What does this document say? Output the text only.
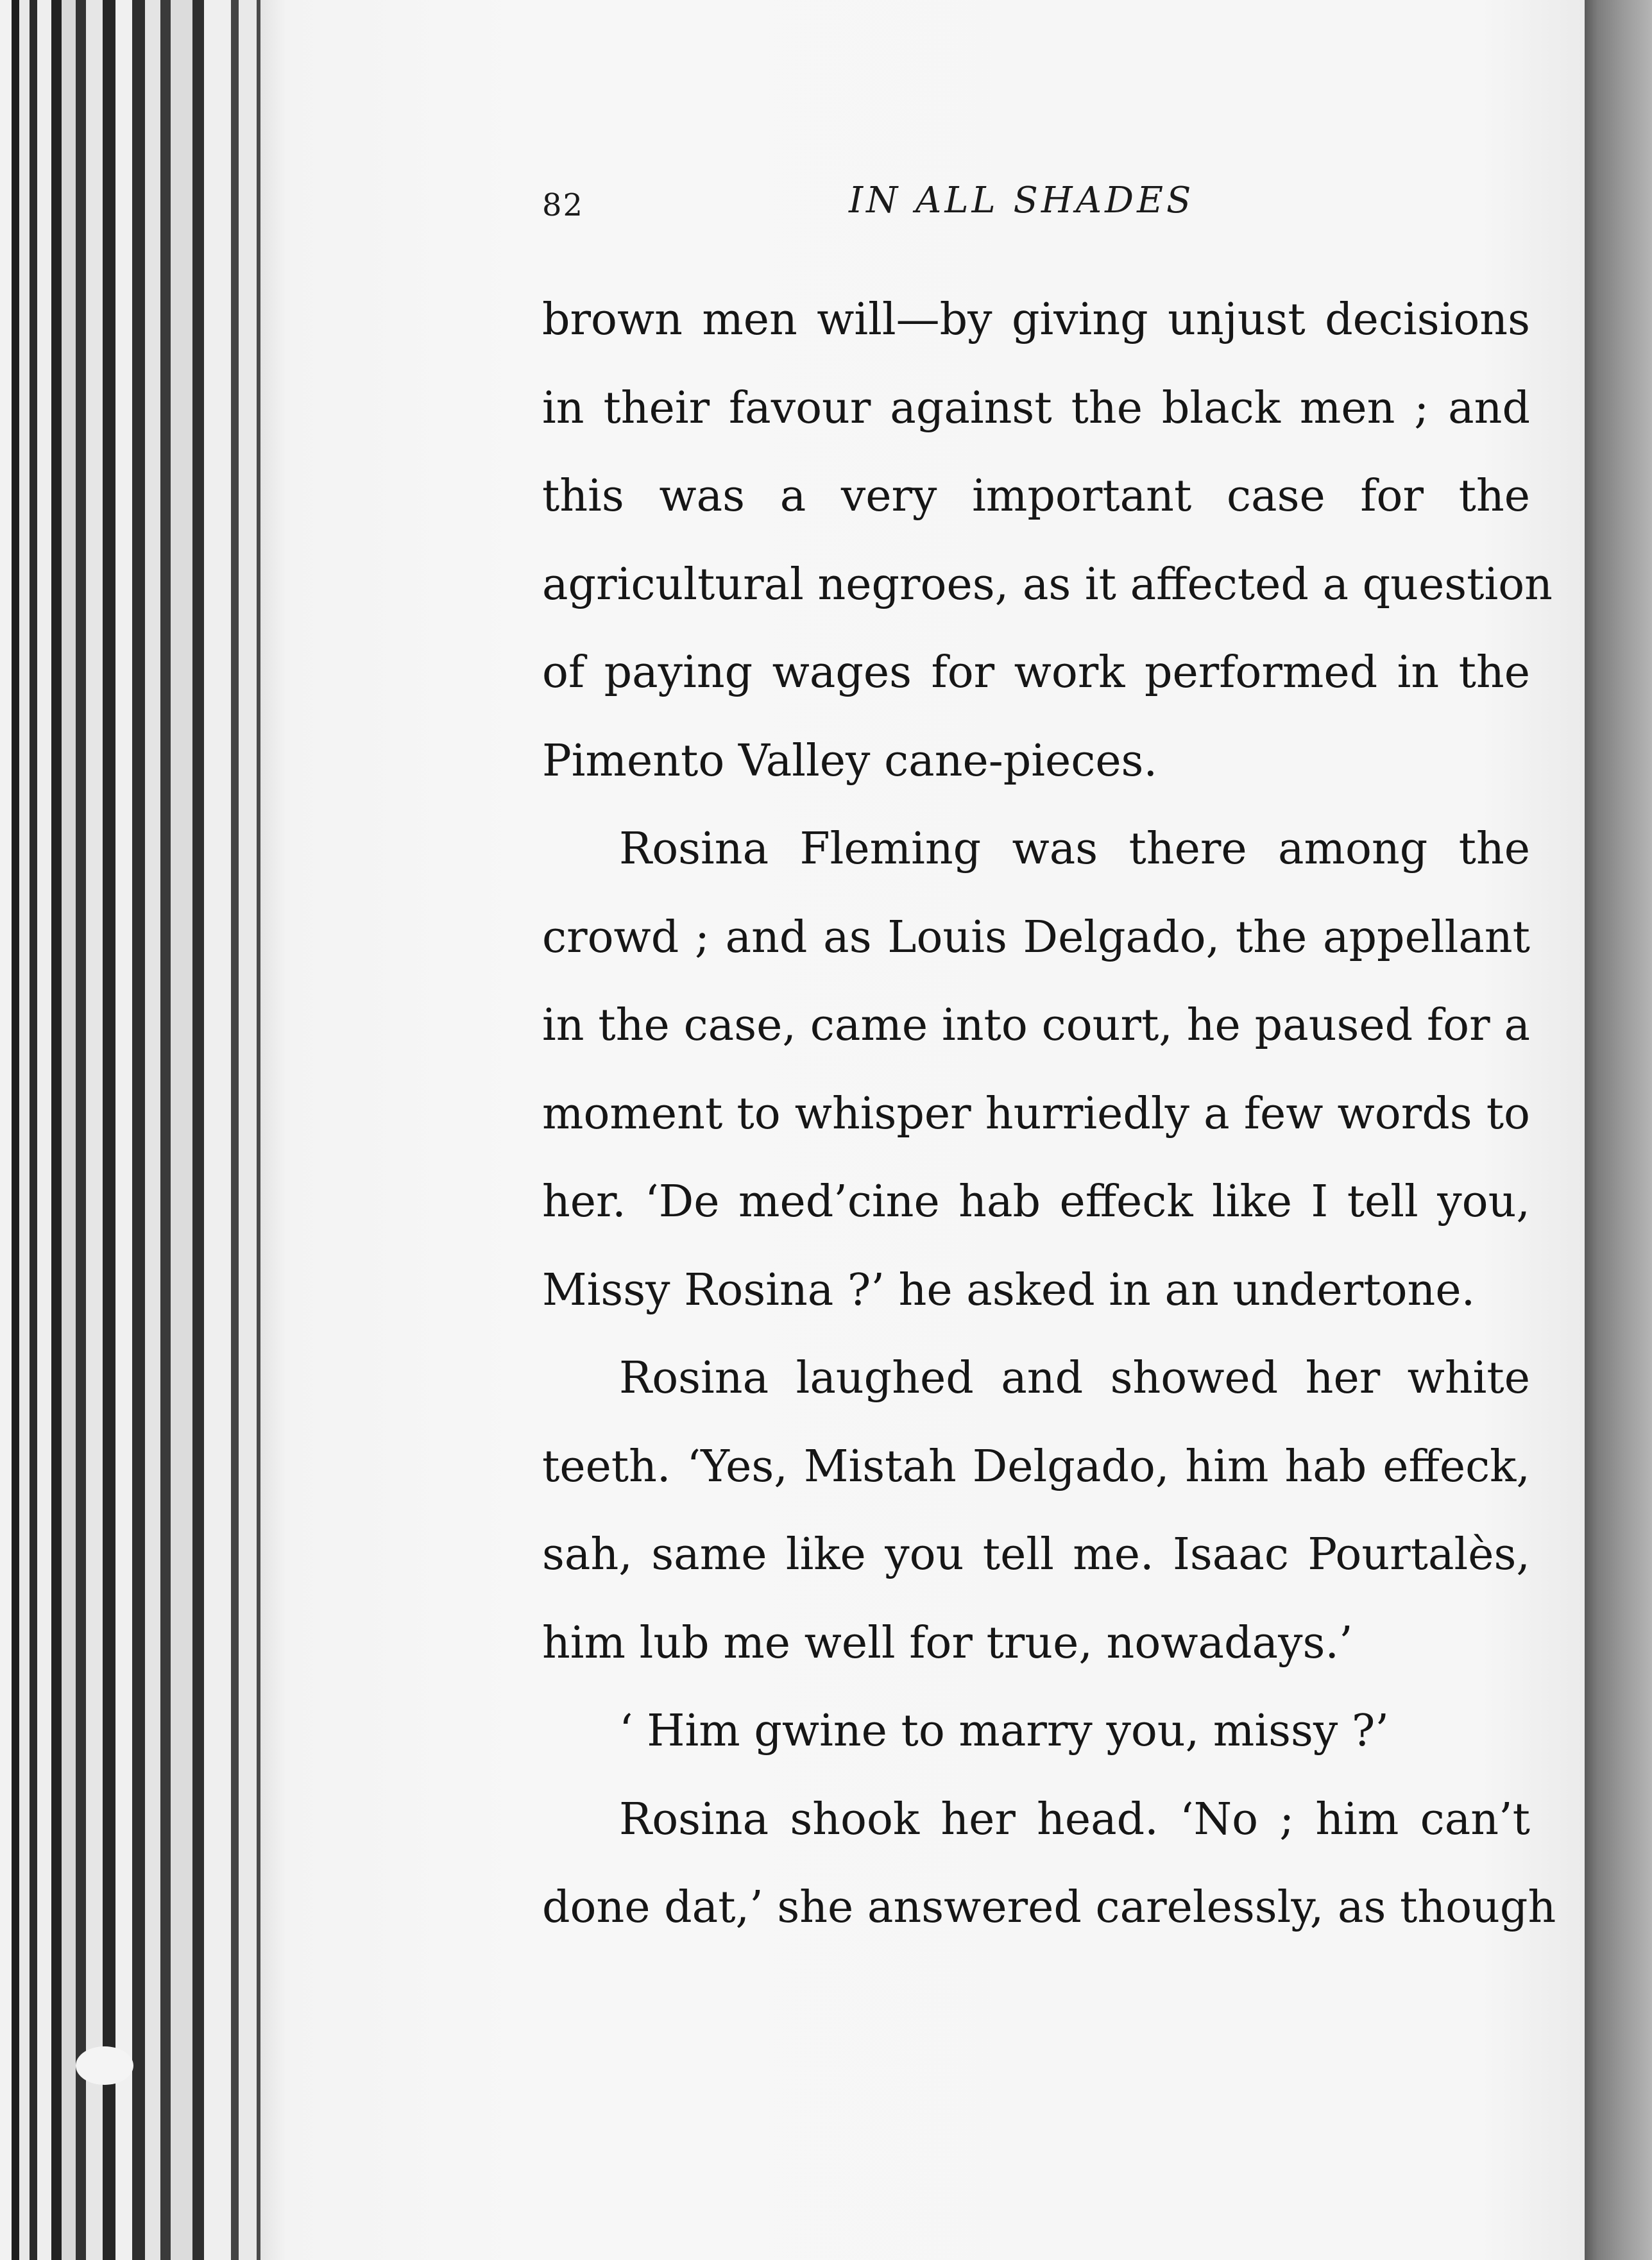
82	IN ALL SHADES
brown men will—by giving unjust decisions
in their favour against the black men ; and
this was a very important case for the
agricultural negroes, as it affected a question
of paying wages for work performed in the
Pimento Valley cane-pieces.
Rosina Fleming was there among the
crowd ; and as Louis Delgado, the appellant
in the case, came into court, he paused for a
moment to whisper hurriedly a few words to
her. ‘De med’cine hab effeck like I tell you,
Missy Rosina ?’ he asked in an undertone.
Rosina laughed and showed her white
teeth. ‘Yes, Mistah Delgado, him hab effeck,
sah, same like you tell me. Isaac Pourtalès,
him lub me well for true, nowadays.’
‘ Him gwine to marry you, missy ?’
Rosina shook her head. ‘No ; him can’t
done dat,’ she answered carelessly, as though
